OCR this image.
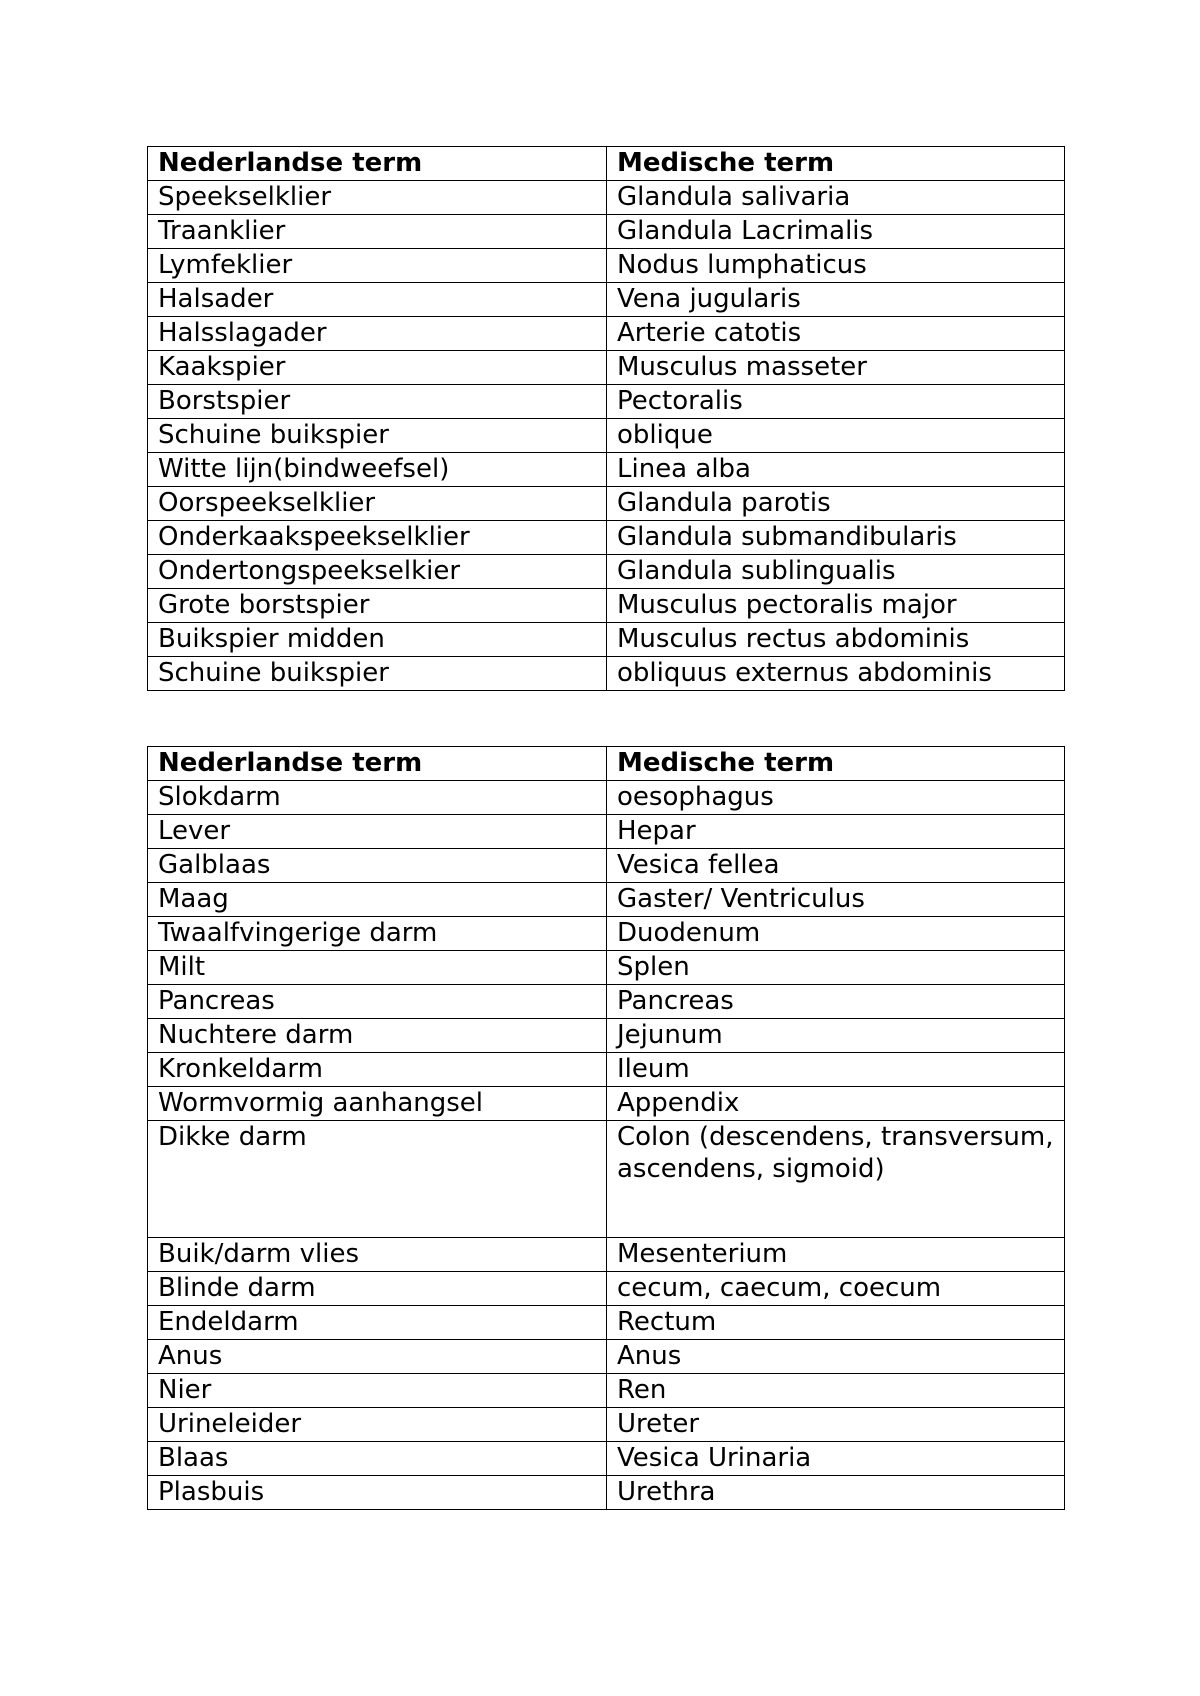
Nederlandse term	Medische term
Speekselklier	Glandula salivaria
Traanklier	Glandula Lacrimalis
Lymfeklier	Nodus lumphaticus
Halsader	Vena jugularis
Halsslagader	Arterie catotis
Kaakspier	Musculus masseter
Borstspier	Pectoralis
Schuine buikspier	oblique
Witte lijn(bindweefsel)	Linea alba
Oorspeekselklier	Glandula parotis
Onderkaakspeekselklier	Glandula submandibularis
Ondertongspeekselkier	Glandula sublingualis
Grote borstspier	Musculus pectoralis major
Buikspier midden	Musculus rectus abdominis
Schuine buikspier	obliquus externus abdominis
Nederlandse term	Medische term
Slokdarm	oesophagus
Lever	Hepar
Galblaas	Vesica fellea
Maag	Gaster/ Ventriculus
Twaalfvingerige darm	Duodenum
Milt	Splen
Pancreas	Pancreas
Nuchtere darm	Jejunum
Kronkeldarm	Ileum
Wormvormig aanhangsel	Appendix
Dikke darm	Colon (descendens, transversum, ascendens, sigmoid)
Buik/darm vlies	Mesenterium
Blinde darm	cecum, caecum, coecum
Endeldarm	Rectum
Anus	Anus
Nier	Ren
Urineleider	Ureter
Blaas	Vesica Urinaria
Plasbuis	Urethra
